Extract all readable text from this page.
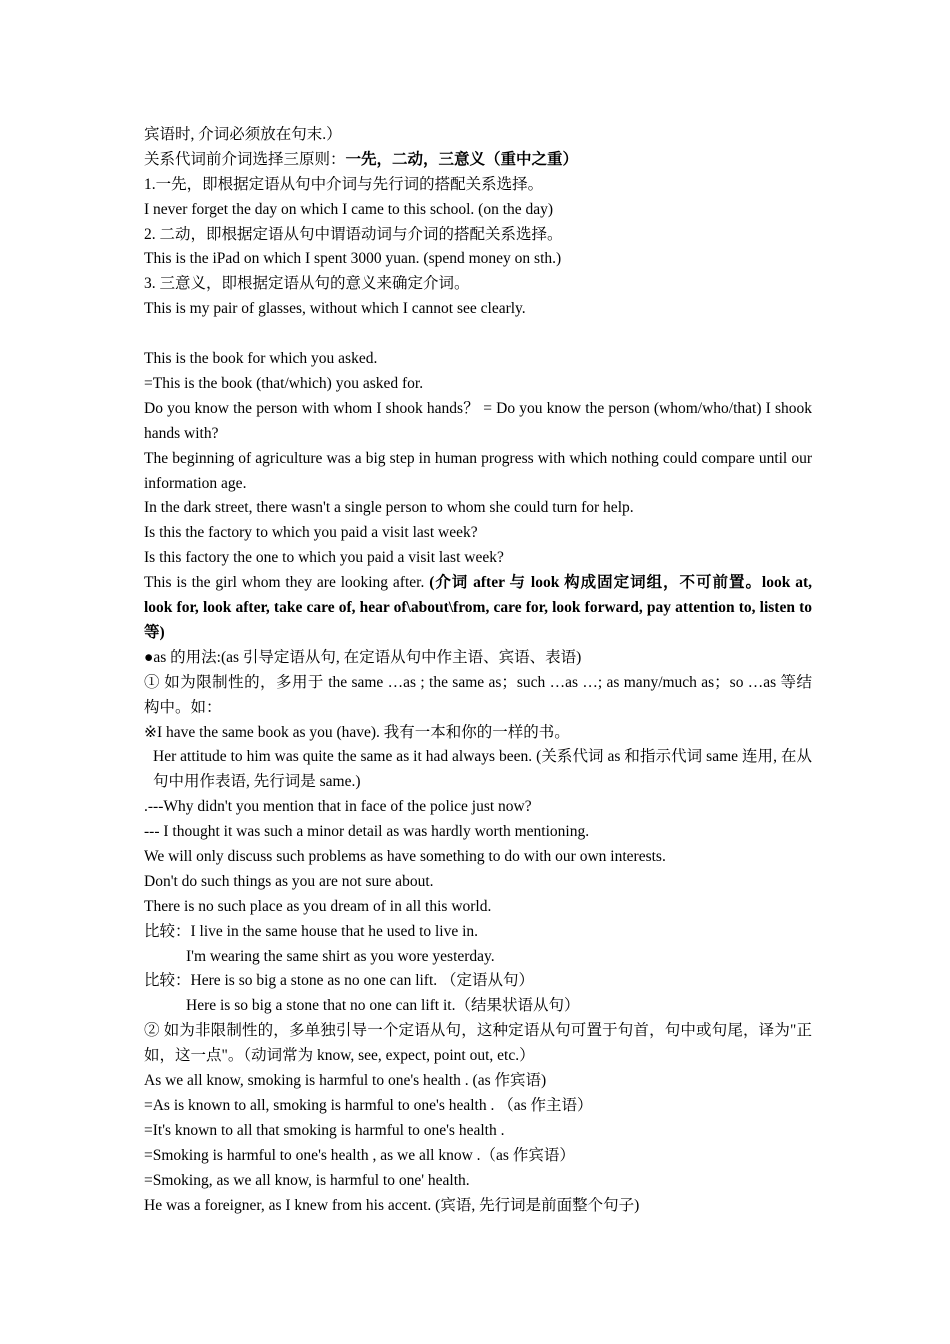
宾语时, 介词必须放在句末.）
关系代词前介词选择三原则：一先，二动，三意义（重中之重）
1.一先，即根据定语从句中介词与先行词的搭配关系选择。
I never forget the day on which I came to this school. (on the day)
2. 二动，即根据定语从句中谓语动词与介词的搭配关系选择。
This is the iPad on which I spent 3000 yuan. (spend money on sth.)
3. 三意义，即根据定语从句的意义来确定介词。
This is my pair of glasses, without which I cannot see clearly.
This is the book for which you asked.
=This is the book (that/which) you asked for.
Do you know the person with whom I shook hands？ = Do you know the person (whom/who/that) I shook hands with?
The beginning of agriculture was a big step in human progress with which nothing could compare until our information age.
In the dark street, there wasn't a single person to whom she could turn for help.
Is this the factory to which you paid a visit last week?
Is this factory the one to which you paid a visit last week?
This is the girl whom they are looking after. (介词 after 与 look 构成固定词组，不可前置。look at, look for, look after, take care of, hear of\about\from, care for, look forward, pay attention to, listen to 等)
●as 的用法:(as 引导定语从句, 在定语从句中作主语、宾语、表语)
① 如为限制性的，多用于 the same …as ; the same as；such …as …; as many/much as；so …as 等结构中。如：
※I have the same book as you (have). 我有一本和你的一样的书。
Her attitude to him was quite the same as it had always been. (关系代词 as 和指示代词 same 连用, 在从句中用作表语, 先行词是 same.)
.---Why didn't you mention that in face of the police just now?
--- I thought it was such a minor detail as was hardly worth mentioning.
We will only discuss such problems as have something to do with our own interests.
Don't do such things as you are not sure about.
There is no such place as you dream of in all this world.
比较：I live in the same house that he used to live in.
I'm wearing the same shirt as you wore yesterday.
比较：Here is so big a stone as no one can lift. （定语从句）
Here is so big a stone that no one can lift it.（结果状语从句）
② 如为非限制性的，多单独引导一个定语从句，这种定语从句可置于句首，句中或句尾，译为"正如，这一点"。（动词常为 know, see, expect, point out, etc.）
As we all know, smoking is harmful to one's health . (as 作宾语)
=As is known to all, smoking is harmful to one's health . （as 作主语）
=It's known to all that smoking is harmful to one's health .
=Smoking is harmful to one's health , as we all know .（as 作宾语）
=Smoking, as we all know, is harmful to one' health.
He was a foreigner, as I knew from his accent. (宾语, 先行词是前面整个句子)
